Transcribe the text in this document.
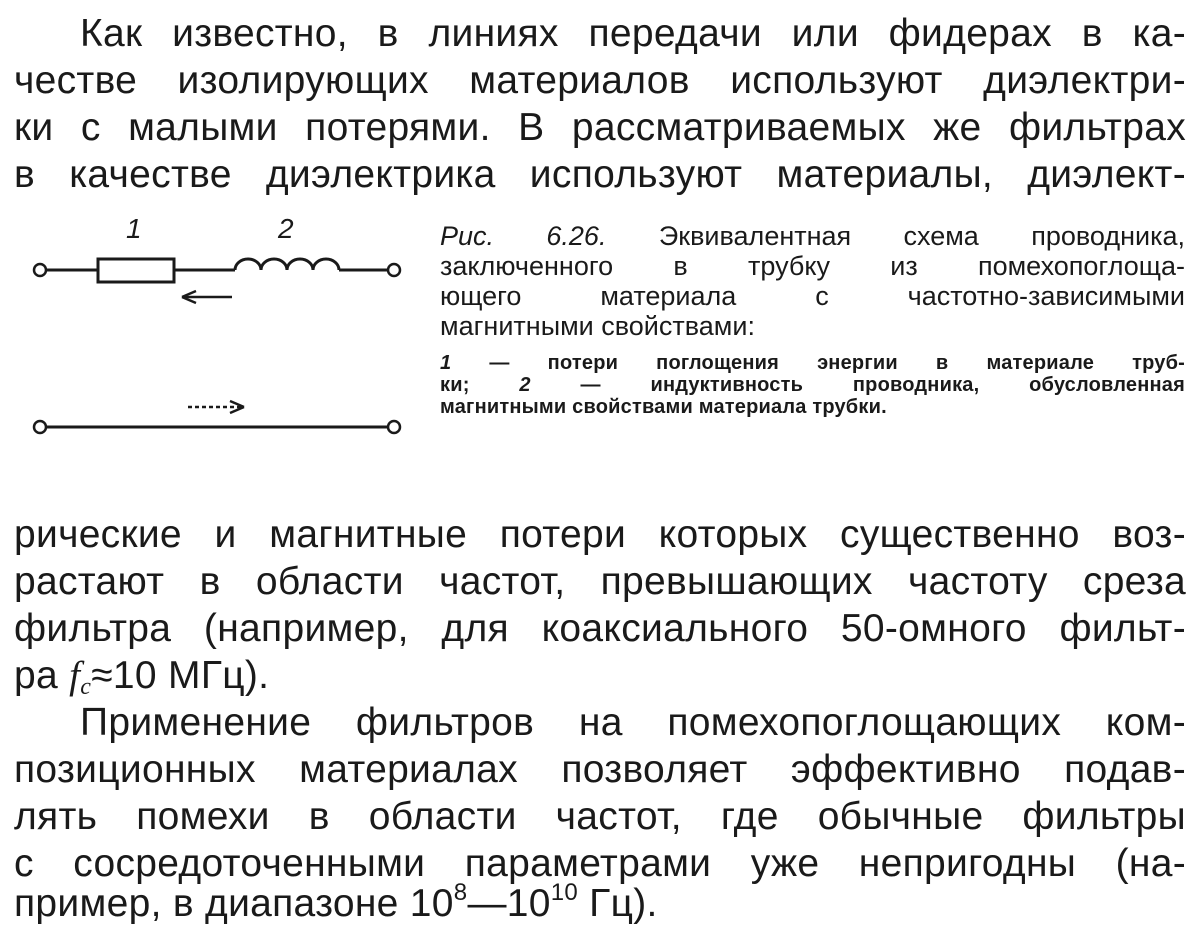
Как известно, в линиях передачи или фидерах в ка-
честве изолирующих материалов используют диэлектри-
ки с малыми потерями. В рассматриваемых же фильтрах
в качестве диэлектрика используют материалы, диэлект-
1	2	Рис. 6.26. Эквивалентная схема проводника,
заключенного в трубку из помехопоглоща-
ющего материала с частотно-зависимыми
магнитными свойствами:
1 — потери поглощения энергии в материале труб-
ки; 2 — индуктивность проводника, обусловленная
магнитными свойствами материала трубки.
рические и магнитные потери которых существенно воз-
растают в области частот, превышающих частоту среза
фильтра (например, для коаксиального 50-омного фильт-
ра $f_c\approx 10$ МГц).
Применение фильтров на помехопоглощающих ком-
позиционных материалах позволяет эффективно подав-
лять помехи в области частот, где обычные фильтры
с сосредоточенными параметрами уже непригодны (на-
пример, в диапазоне $10^8—10^{10}$ Гц).
